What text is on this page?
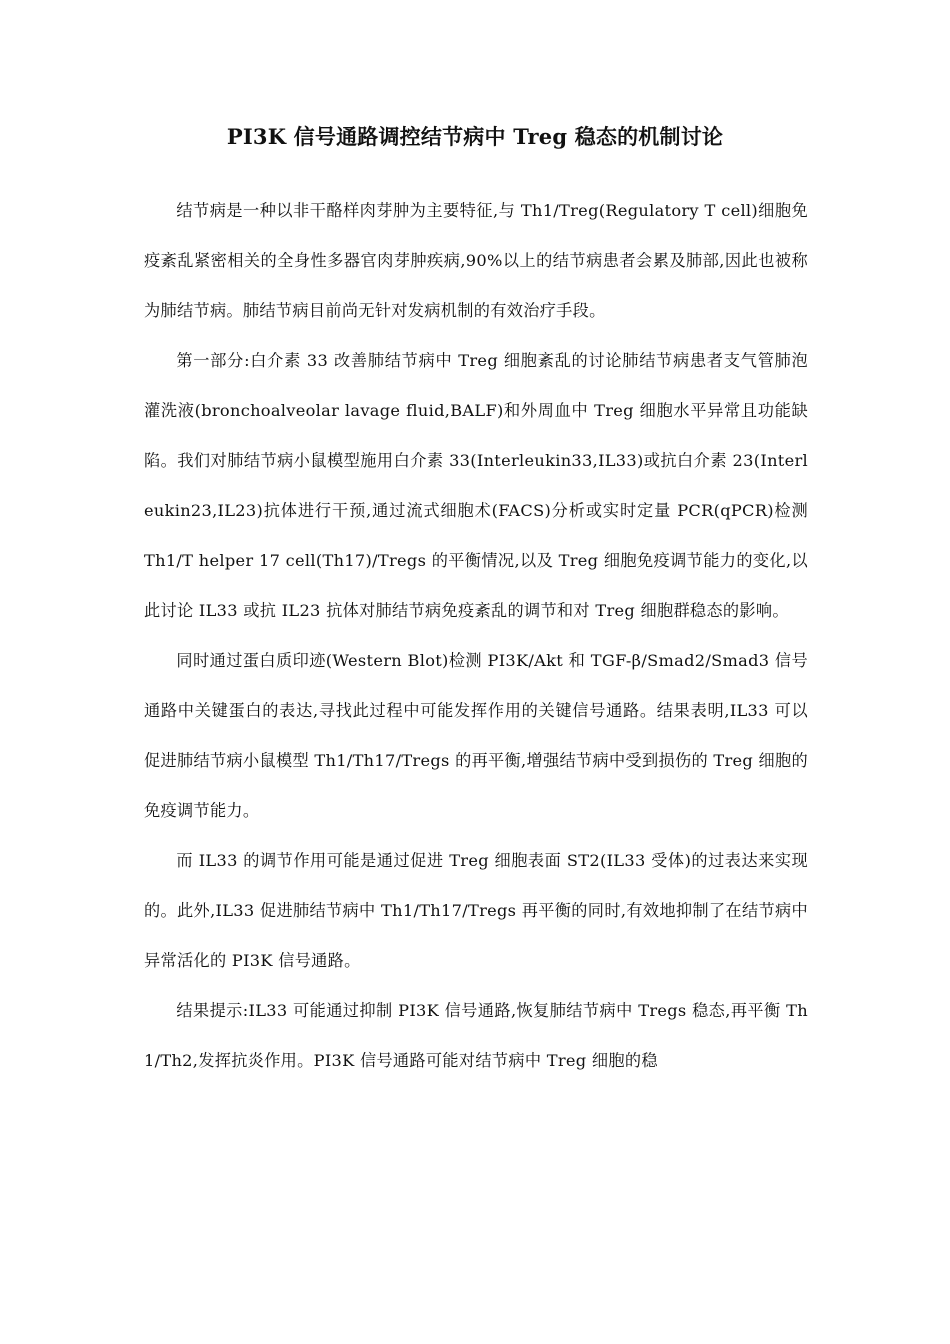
PI3K 信号通路调控结节病中 Treg 稳态的机制讨论

结节病是一种以非干酪样肉芽肿为主要特征,与 Th1/Treg(Regulatory T cell)细胞免疫紊乱紧密相关的全身性多器官肉芽肿疾病,90%以上的结节病患者会累及肺部,因此也被称为肺结节病。肺结节病目前尚无针对发病机制的有效治疗手段。

第一部分:白介素 33 改善肺结节病中 Treg 细胞紊乱的讨论肺结节病患者支气管肺泡灌洗液(bronchoalveolar lavage fluid,BALF)和外周血中 Treg 细胞水平异常且功能缺陷。我们对肺结节病小鼠模型施用白介素 33(Interleukin33,IL33)或抗白介素 23(Interleukin23,IL23)抗体进行干预,通过流式细胞术(FACS)分析或实时定量 PCR(qPCR)检测 Th1/T helper 17 cell(Th17)/Tregs 的平衡情况,以及 Treg 细胞免疫调节能力的变化,以此讨论 IL33 或抗 IL23 抗体对肺结节病免疫紊乱的调节和对 Treg 细胞群稳态的影响。

同时通过蛋白质印迹(Western Blot)检测 PI3K/Akt 和 TGF-β/Smad2/Smad3 信号通路中关键蛋白的表达,寻找此过程中可能发挥作用的关键信号通路。结果表明,IL33 可以促进肺结节病小鼠模型 Th1/Th17/Tregs 的再平衡,增强结节病中受到损伤的 Treg 细胞的免疫调节能力。

而 IL33 的调节作用可能是通过促进 Treg 细胞表面 ST2(IL33 受体)的过表达来实现的。此外,IL33 促进肺结节病中 Th1/Th17/Tregs 再平衡的同时,有效地抑制了在结节病中异常活化的 PI3K 信号通路。

结果提示:IL33 可能通过抑制 PI3K 信号通路,恢复肺结节病中 Tregs 稳态,再平衡 Th1/Th2,发挥抗炎作用。PI3K 信号通路可能对结节病中 Treg 细胞的稳
